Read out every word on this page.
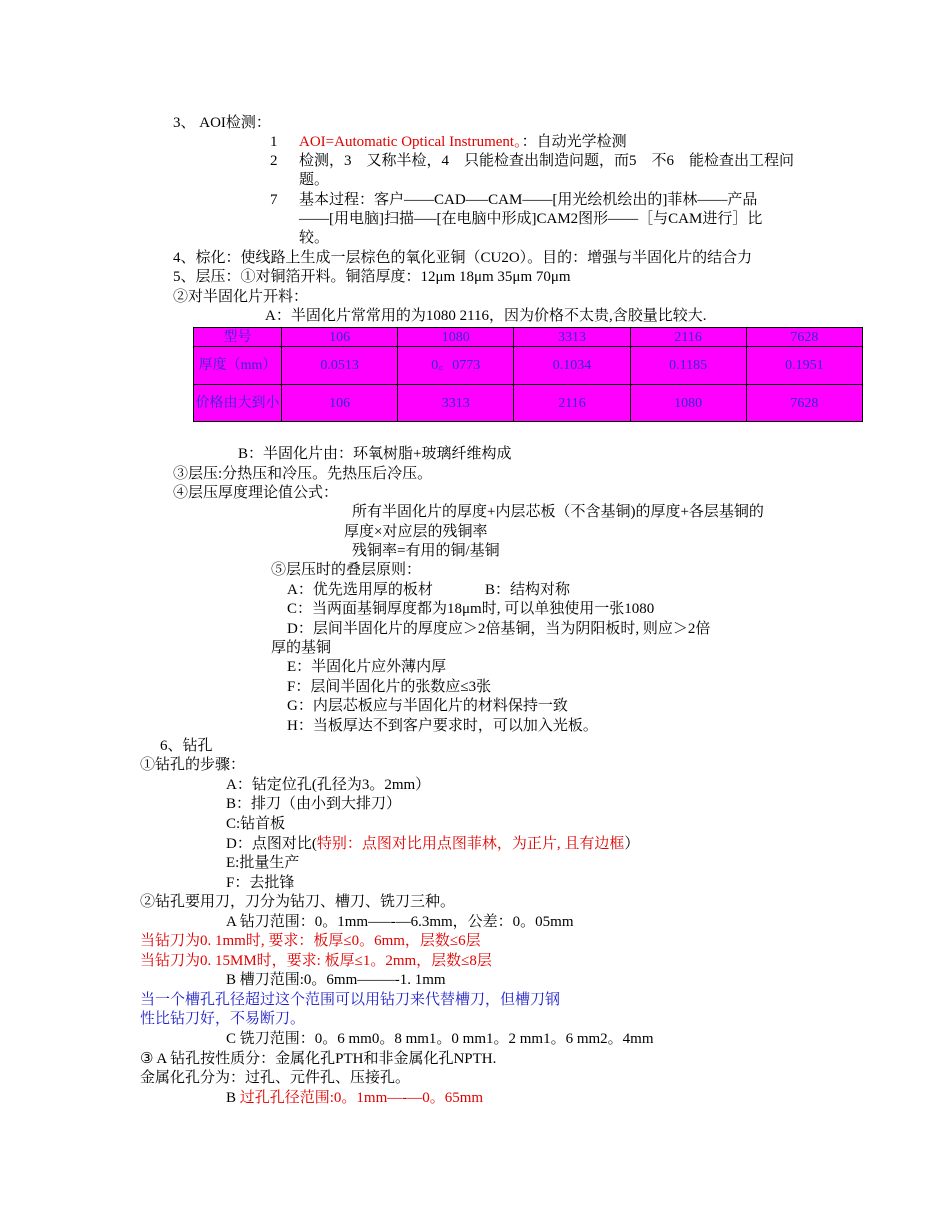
3、 AOI检测：
1 AOI=Automatic Optical Instrument。：自动光学检测
2 检测，3　又称半检，4　只能检查出制造问题，而5　不6　能检查出工程问
题。
7 基本过程：客户——CAD—–CAM——[用光绘机绘出的]菲林——产品
——[用电脑]扫描—–[在电脑中形成]CAM2图形——［与CAM进行］比
较。
4、棕化：使线路上生成一层棕色的氧化亚铜（CU2O）。目的：增强与半固化片的结合力
5、层压：①对铜箔开料。铜箔厚度：12μm 18μm 35μm 70μm
②对半固化片开料：
A：半固化片常常用的为1080 2116，因为价格不太贵,含胶量比较大.
型号	106	1080	3313	2116	7628
厚度（mm）	0.0513	0。0773	0.1034	0.1185	0.1951
价格由大到小	106	3313	2116	1080	7628
B：半固化片由：环氧树脂+玻璃纤维构成
③层压:分热压和冷压。先热压后冷压。
④层压厚度理论值公式：
所有半固化片的厚度+内层芯板（不含基铜)的厚度+各层基铜的
厚度×对应层的残铜率
残铜率=有用的铜/基铜
⑤层压时的叠层原则：
A：优先选用厚的板材	B：结构对称
C：当两面基铜厚度都为18μm时, 可以单独使用一张1080
D：层间半固化片的厚度应＞2倍基铜，当为阴阳板时, 则应＞2倍
厚的基铜
E：半固化片应外薄内厚
F：层间半固化片的张数应≤3张
G：内层芯板应与半固化片的材料保持一致
H：当板厚达不到客户要求时，可以加入光板。
6、钻孔
①钻孔的步骤：
A：钻定位孔(孔径为3。2mm）
B：排刀（由小到大排刀）
C:钻首板
D：点图对比(特别：点图对比用点图菲林，为正片, 且有边框）
E:批量生产
F：去批锋
②钻孔要用刀，刀分为钻刀、槽刀、铣刀三种。
A 钻刀范围：0。1mm–—-—6.3mm，公差：0。05mm
当钻刀为0. 1mm时, 要求：板厚≤0。6mm，层数≤6层
当钻刀为0. 15MM时，要求: 板厚≤1。2mm，层数≤8层
B 槽刀范围:0。6mm–——-1. 1mm
当一个槽孔孔径超过这个范围可以用钻刀来代替槽刀，但槽刀钢
性比钻刀好，不易断刀。
C 铣刀范围：0。6 mm0。8 mm1。0 mm1。2 mm1。6 mm2。4mm
③ A 钻孔按性质分：金属化孔PTH和非金属化孔NPTH.
金属化孔分为：过孔、元件孔、压接孔。
B 过孔孔径范围:0。1mm—-—0。65mm
